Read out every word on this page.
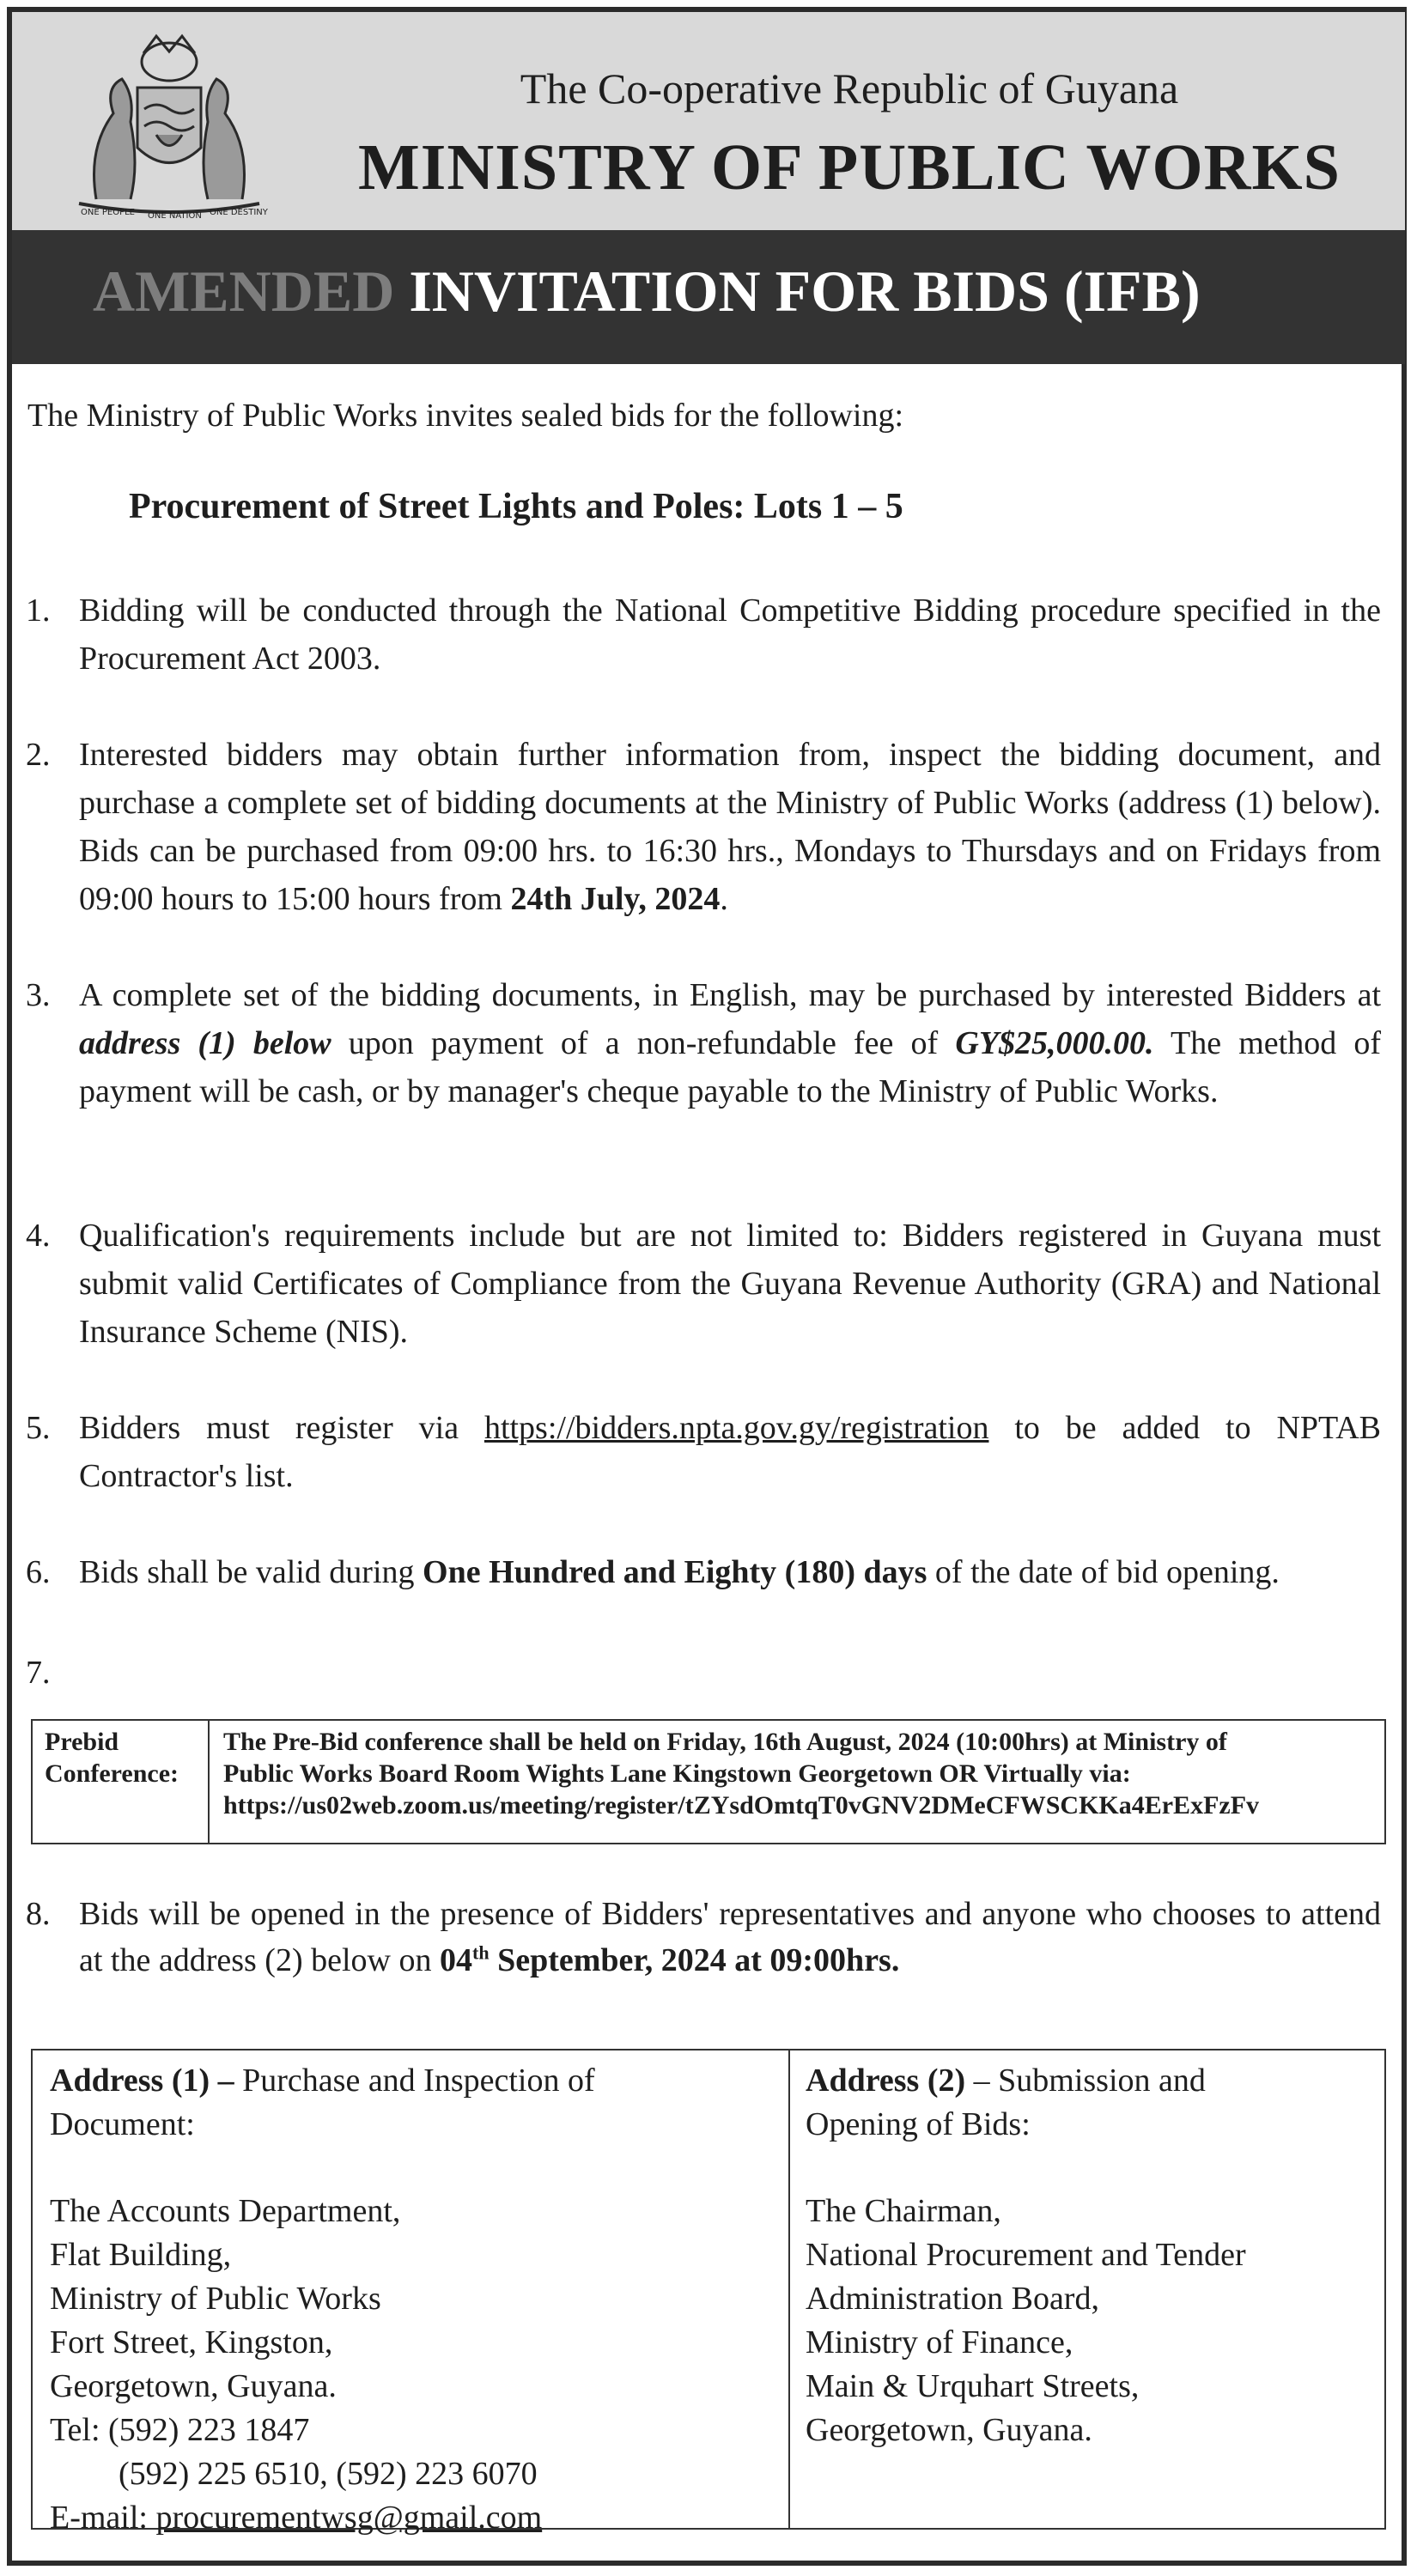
ONE PEOPLE ONE NATION ONE DESTINY
The Co-operative Republic of Guyana
MINISTRY OF PUBLIC WORKS
AMENDED INVITATION FOR BIDS (IFB)
The Ministry of Public Works invites sealed bids for the following:
Procurement of Street Lights and Poles: Lots 1 – 5
1. Bidding will be conducted through the National Competitive Bidding procedure specified in the Procurement Act 2003.
2. Interested bidders may obtain further information from, inspect the bidding document, and purchase a complete set of bidding documents at the Ministry of Public Works (address (1) below). Bids can be purchased from 09:00 hrs. to 16:30 hrs., Mondays to Thursdays and on Fridays from 09:00 hours to 15:00 hours from 24th July, 2024.
3. A complete set of the bidding documents, in English, may be purchased by interested Bidders at address (1) below upon payment of a non-refundable fee of GY$25,000.00. The method of payment will be cash, or by manager's cheque payable to the Ministry of Public Works.
4. Qualification's requirements include but are not limited to: Bidders registered in Guyana must submit valid Certificates of Compliance from the Guyana Revenue Authority (GRA) and National Insurance Scheme (NIS).
5. Bidders must register via https://bidders.npta.gov.gy/registration to be added to NPTAB Contractor's list.
6. Bids shall be valid during One Hundred and Eighty (180) days of the date of bid opening.
7.
Prebid
Conference:
The Pre-Bid conference shall be held on Friday, 16th August, 2024 (10:00hrs) at Ministry of
Public Works Board Room Wights Lane Kingstown Georgetown OR Virtually via:
https://us02web.zoom.us/meeting/register/tZYsdOmtqT0vGNV2DMeCFWSCKKa4ErExFzFv
8. Bids will be opened in the presence of Bidders' representatives and anyone who chooses to attend at the address (2) below on 04th September, 2024 at 09:00hrs.
Address (1) – Purchase and Inspection of
Document:
The Accounts Department,
Flat Building,
Ministry of Public Works
Fort Street, Kingston,
Georgetown, Guyana.
Tel: (592) 223 1847
(592) 225 6510, (592) 223 6070
E-mail: procurementwsg@gmail.com
Address (2) – Submission and
Opening of Bids:
The Chairman,
National Procurement and Tender
Administration Board,
Ministry of Finance,
Main & Urquhart Streets,
Georgetown, Guyana.
